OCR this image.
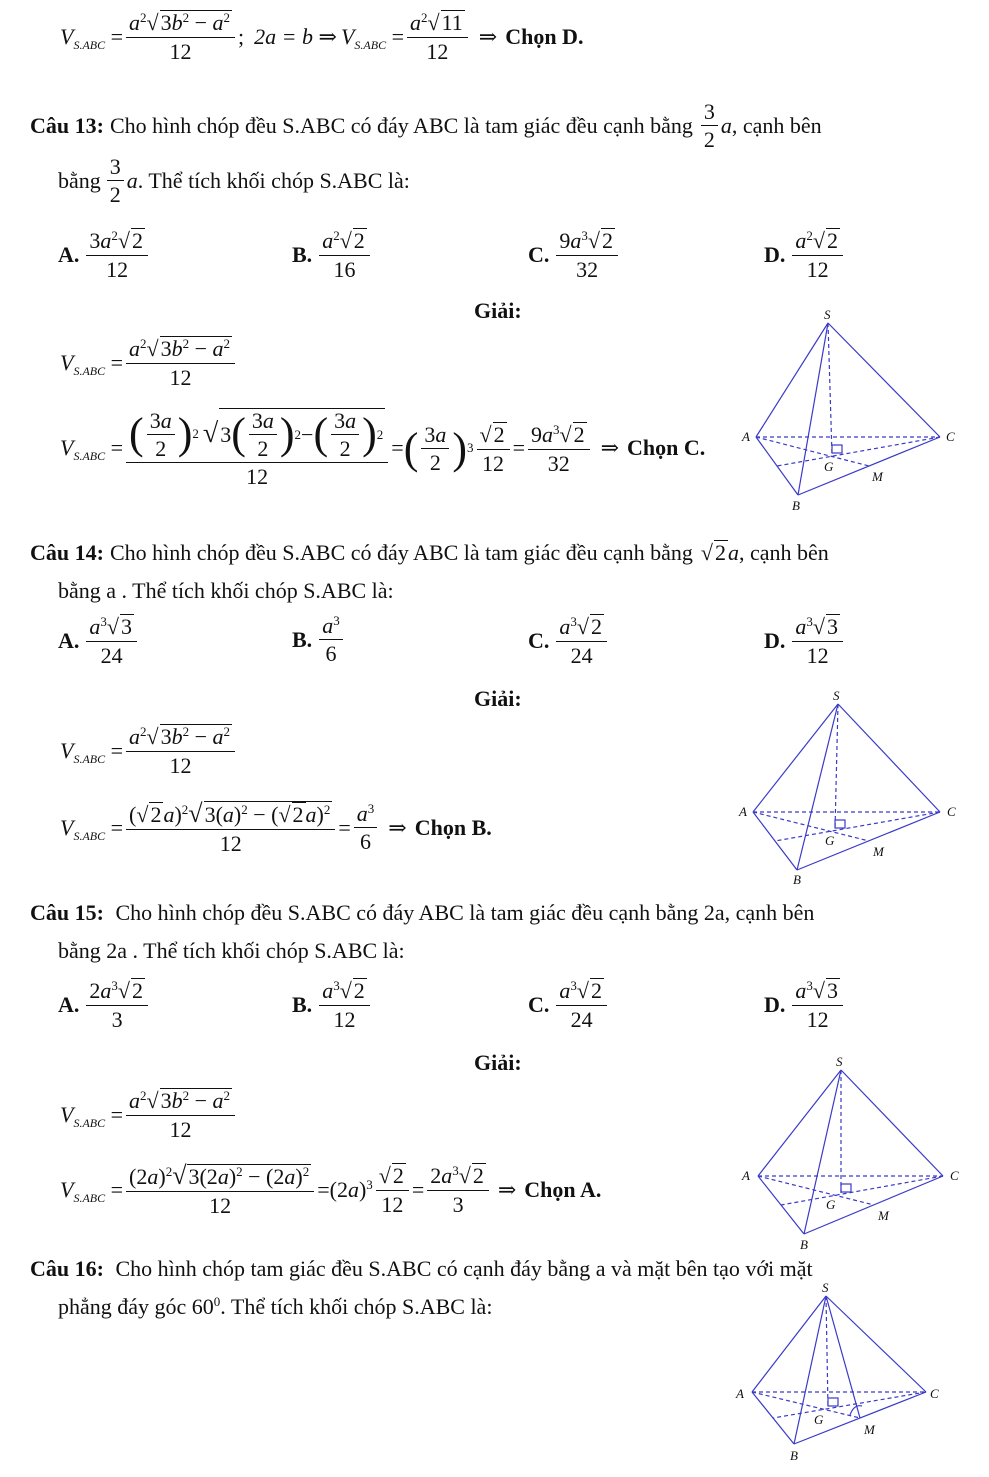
$V_{S.ABC} = \frac{a^2√3b^2 - a^2}{12}$ ; 2a = b ⇒ $V_{S.ABC} = \frac{a^2√11}{12}$ ⇒ Chọn D.
Câu 13: Cho hình chóp đều S.ABC có đáy ABC là tam giác đều cạnh bằng $\frac{3}{2}$ a , cạnh bên
bằng $\frac{3}{2}$ a . Thể tích khối chóp S.ABC là:
A. $\frac{3a^2√2}{12}$	B. $\frac{a^2√2}{16}$	C. $\frac{9a^3√2}{32}$	D. $\frac{a^2√2}{12}$
Giải:
$V_{S.ABC} = \frac{a^2√3b^2 - a^2}{12}$
$V_{S.ABC} = \frac{( \frac{3a}{2} ) 2 √ 3 ( \frac{3a}{2} ) 2 - ( \frac{3a}{2} ) 2}{12}$ = ( $\frac{3a}{2}$ ) $3 \frac{√2}{12} = \frac{9a^3√2}{32}$ ⇒ Chọn C.
S
A	C
B
G
M
Câu 14: Cho hình chóp đều S.ABC có đáy ABC là tam giác đều cạnh bằng √2a , cạnh bên
bằng a . Thể tích khối chóp S.ABC là:
A. $\frac{a^3√3}{24}$	B. $\frac{a^3}{6}$	C. $\frac{a^3√2}{24}$	D. $\frac{a^3√3}{12}$
Giải:
$V_{S.ABC} = \frac{a^2√3b^2 - a^2}{12}$
$V_{S.ABC} = \frac{(√2a)^2√3(a)^2 - (√2a)^2}{12} = \frac{a^3}{6}$ ⇒ Chọn B.
S
A	C
B
G
M
Câu 15: Cho hình chóp đều S.ABC có đáy ABC là tam giác đều cạnh bằng 2a, cạnh bên
bằng 2a . Thể tích khối chóp S.ABC là:
A. $\frac{2a^3√2}{3}$	B. $\frac{a^3√2}{12}$	C. $\frac{a^3√2}{24}$	D. $\frac{a^3√3}{12}$
Giải:
$V_{S.ABC} = \frac{a^2√3b^2 - a^2}{12}$
$V_{S.ABC} = \frac{(2a)^2√3(2a)^2 - (2a)^2}{12} = (2a)^3 \frac{√2}{12} = \frac{2a^3√2}{3}$ ⇒ Chọn A.
S
A	C
B
G
M
Câu 16: Cho hình chóp tam giác đều S.ABC có cạnh đáy bằng a và mặt bên tạo với mặt
phẳng đáy góc $60^0$. Thể tích khối chóp S.ABC là:
S
A	C
B
G
M
